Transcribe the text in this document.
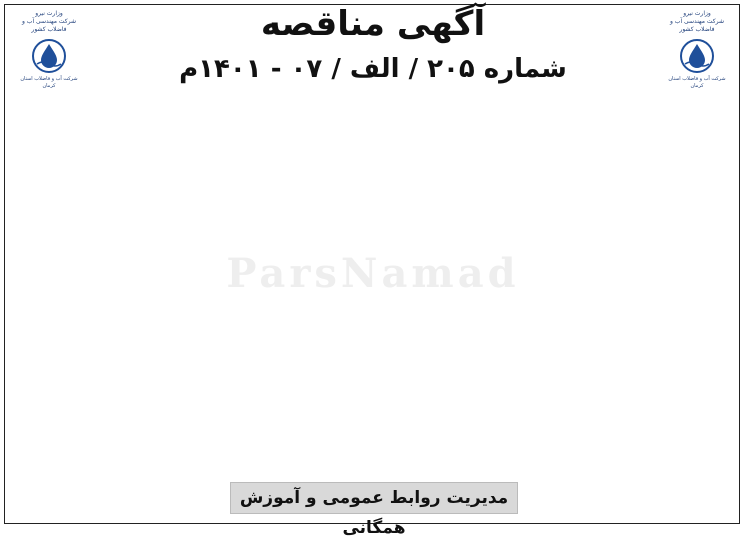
وزارت نیرو
شرکت مهندسی آب و فاضلاب کشور
شرکت آب و فاضلاب استان کرمان
وزارت نیرو
شرکت مهندسی آب و فاضلاب کشور
شرکت آب و فاضلاب استان کرمان
آگهی مناقصه
شماره ۲۰۵ / الف / ۰۷ - ۱۴۰۱م
ParsNamad
مدیریت روابط عمومی و آموزش همگانی
